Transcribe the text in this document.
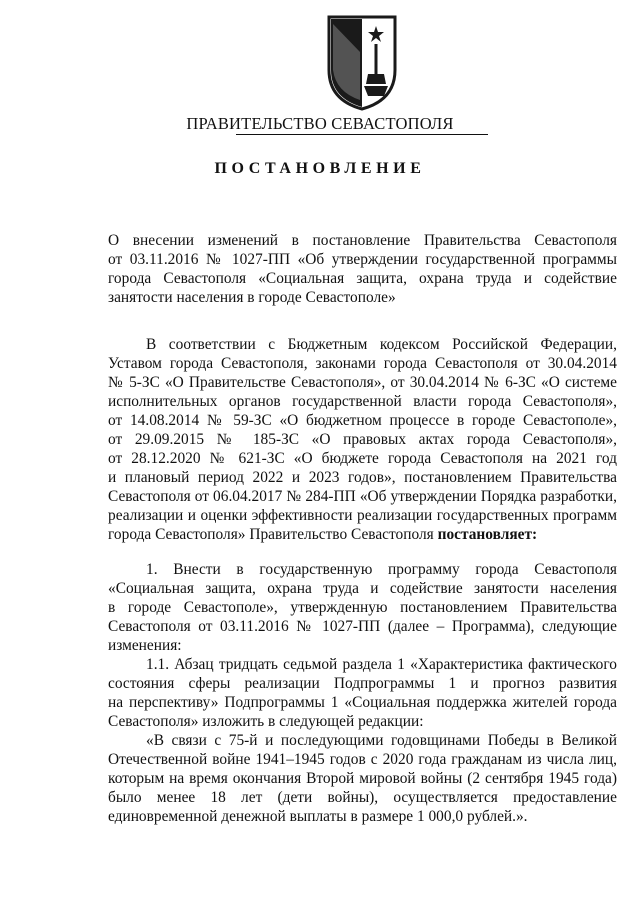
ПРАВИТЕЛЬСТВО СЕВАСТОПОЛЯ
ПОСТАНОВЛЕНИЕ
О внесении изменений в постановление Правительства Севастополя
от 03.11.2016 № 1027-ПП «Об утверждении государственной программы
города Севастополя «Социальная защита, охрана труда и содействие
занятости населения в городе Севастополе»
В соответствии с Бюджетным кодексом Российской Федерации,
Уставом города Севастополя, законами города Севастополя от 30.04.2014
№ 5-ЗС «О Правительстве Севастополя», от 30.04.2014 № 6-ЗС «О системе
исполнительных органов государственной власти города Севастополя»,
от 14.08.2014 № 59-ЗС «О бюджетном процессе в городе Севастополе»,
от 29.09.2015 № 185-ЗС «О правовых актах города Севастополя»,
от 28.12.2020 № 621-ЗС «О бюджете города Севастополя на 2021 год
и плановый период 2022 и 2023 годов», постановлением Правительства
Севастополя от 06.04.2017 № 284-ПП «Об утверждении Порядка разработки,
реализации и оценки эффективности реализации государственных программ
города Севастополя» Правительство Севастополя постановляет:
1. Внести в государственную программу города Севастополя
«Социальная защита, охрана труда и содействие занятости населения
в городе Севастополе», утвержденную постановлением Правительства
Севастополя от 03.11.2016 № 1027-ПП (далее – Программа), следующие
изменения:
1.1. Абзац тридцать седьмой раздела 1 «Характеристика фактического
состояния сферы реализации Подпрограммы 1 и прогноз развития
на перспективу» Подпрограммы 1 «Социальная поддержка жителей города
Севастополя» изложить в следующей редакции:
«В связи с 75-й и последующими годовщинами Победы в Великой
Отечественной войне 1941–1945 годов с 2020 года гражданам из числа лиц,
которым на время окончания Второй мировой войны (2 сентября 1945 года)
было менее 18 лет (дети войны), осуществляется предоставление
единовременной денежной выплаты в размере 1 000,0 рублей.».
